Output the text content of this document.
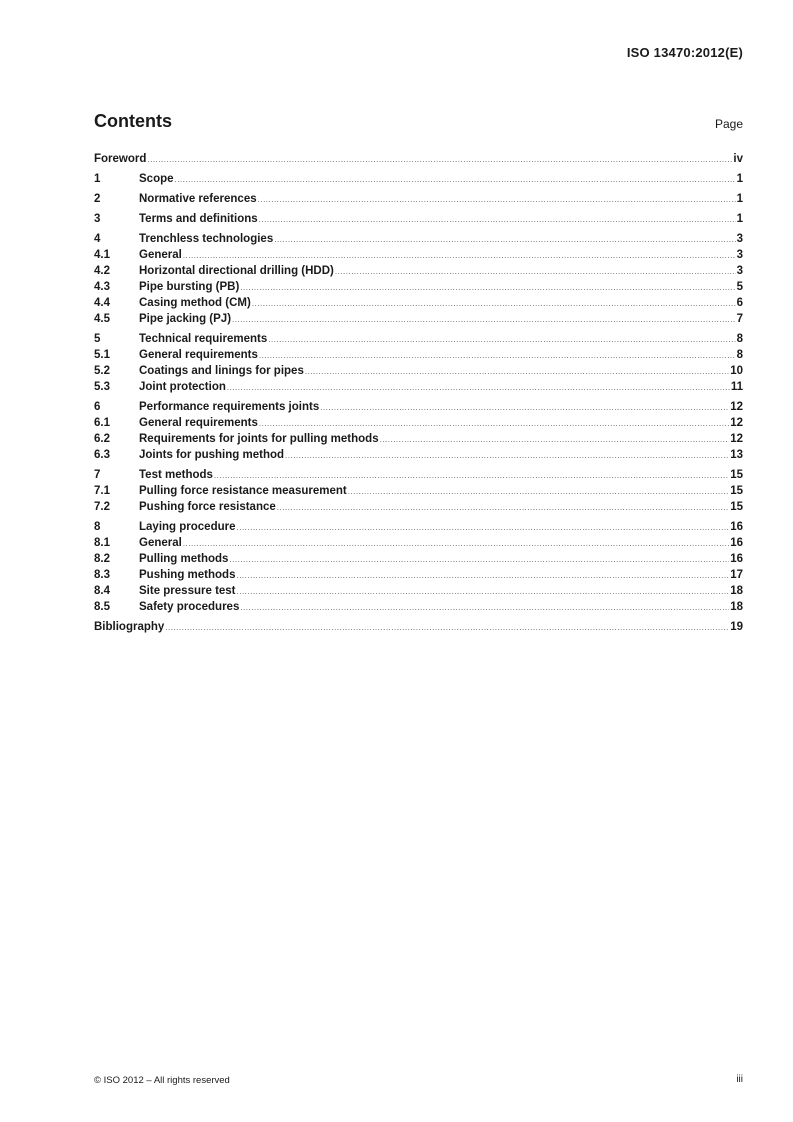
ISO 13470:2012(E)
Contents	Page
Foreword .....	iv
1	Scope .....	1
2	Normative references .....	1
3	Terms and definitions .....	1
4	Trenchless technologies .....	3
4.1	General .....	3
4.2	Horizontal directional drilling (HDD) .....	3
4.3	Pipe bursting (PB) .....	5
4.4	Casing method (CM) .....	6
4.5	Pipe jacking (PJ) .....	7
5	Technical requirements .....	8
5.1	General requirements .....	8
5.2	Coatings and linings for pipes .....	10
5.3	Joint protection .....	11
6	Performance requirements joints .....	12
6.1	General requirements .....	12
6.2	Requirements for joints for pulling methods .....	12
6.3	Joints for pushing method .....	13
7	Test methods .....	15
7.1	Pulling force resistance measurement .....	15
7.2	Pushing force resistance .....	15
8	Laying procedure .....	16
8.1	General .....	16
8.2	Pulling methods .....	16
8.3	Pushing methods .....	17
8.4	Site pressure test .....	18
8.5	Safety procedures .....	18
Bibliography .....	19
© ISO 2012 – All rights reserved	iii
